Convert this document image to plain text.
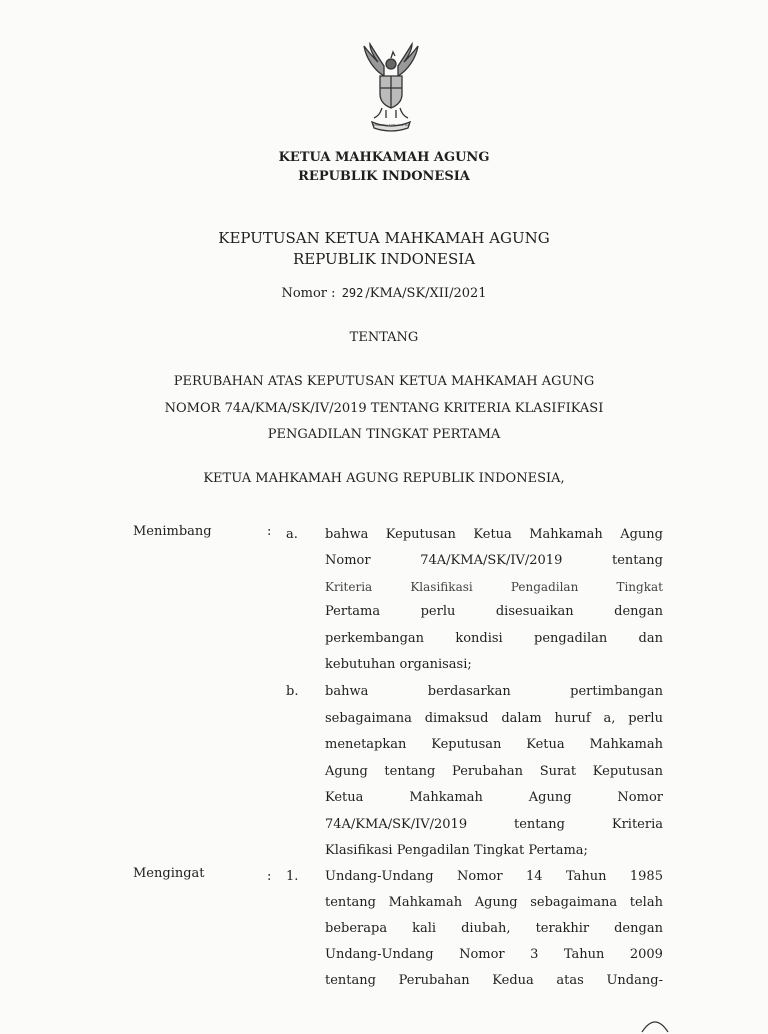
BHINNEKA TUNGGAL IKA
KETUA MAHKAMAH AGUNG
REPUBLIK INDONESIA
KEPUTUSAN KETUA MAHKAMAH AGUNG
REPUBLIK INDONESIA
Nomor : 292 /KMA/SK/XII/2021
TENTANG
PERUBAHAN ATAS KEPUTUSAN KETUA MAHKAMAH AGUNG
NOMOR 74A/KMA/SK/IV/2019 TENTANG KRITERIA KLASIFIKASI
PENGADILAN TINGKAT PERTAMA
KETUA MAHKAMAH AGUNG REPUBLIK INDONESIA,
Menimbang	: a. bahwa Keputusan Ketua Mahkamah Agung
Nomor	74A/KMA/SK/IV/2019	tentang
Kriteria	Klasifikasi	Pengadilan	Tingkat
Pertama	perlu	disesuaikan	dengan
perkembangan kondisi pengadilan dan
kebutuhan organisasi;
b. bahwa	berdasarkan	pertimbangan
sebagaimana dimaksud dalam huruf a, perlu
menetapkan Keputusan Ketua Mahkamah
Agung tentang Perubahan Surat Keputusan
Ketua	Mahkamah	Agung	Nomor
74A/KMA/SK/IV/2019	tentang	Kriteria
Klasifikasi Pengadilan Tingkat Pertama;
Mengingat	: 1. Undang-Undang Nomor 14 Tahun 1985
tentang Mahkamah Agung sebagaimana telah
beberapa kali diubah, terakhir dengan
Undang-Undang Nomor 3 Tahun 2009
tentang Perubahan Kedua atas Undang-
